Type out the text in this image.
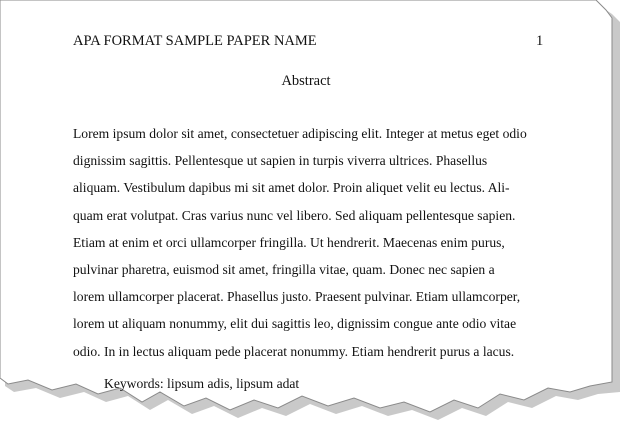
APA FORMAT SAMPLE PAPER NAME	1
Abstract
Lorem ipsum dolor sit amet, consectetuer adipiscing elit. Integer at metus eget odio
dignissim sagittis. Pellentesque ut sapien in turpis viverra ultrices. Phasellus
aliquam. Vestibulum dapibus mi sit amet dolor. Proin aliquet velit eu lectus. Ali-
quam erat volutpat. Cras varius nunc vel libero. Sed aliquam pellentesque sapien.
Etiam at enim et orci ullamcorper fringilla. Ut hendrerit. Maecenas enim purus,
pulvinar pharetra, euismod sit amet, fringilla vitae, quam. Donec nec sapien a
lorem ullamcorper placerat. Phasellus justo. Praesent pulvinar. Etiam ullamcorper,
lorem ut aliquam nonummy, elit dui sagittis leo, dignissim congue ante odio vitae
odio. In in lectus aliquam pede placerat nonummy. Etiam hendrerit purus a lacus.
Keywords: lipsum adis, lipsum adat
